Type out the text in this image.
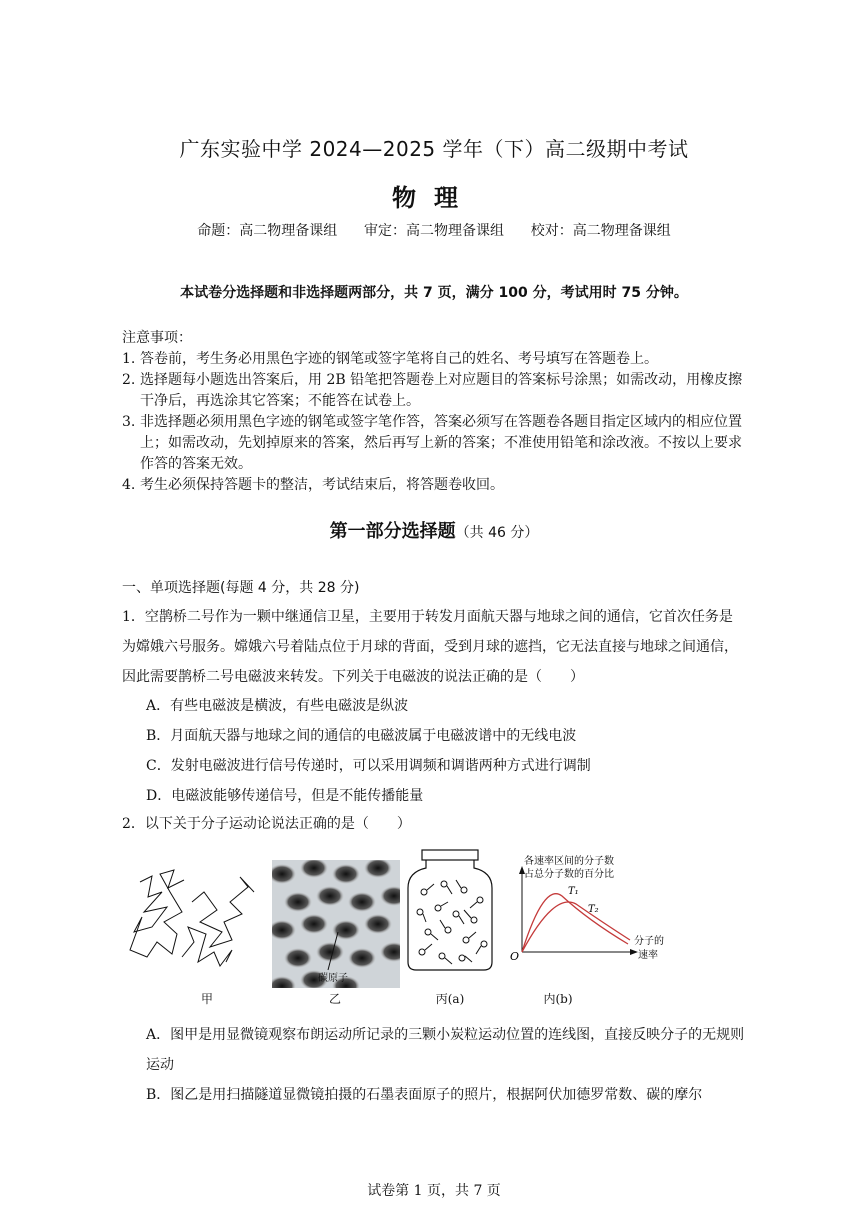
广东实验中学 2024—2025 学年（下）高二级期中考试
物理
命题：高二物理备课组      审定：高二物理备课组      校对：高二物理备课组
本试卷分选择题和非选择题两部分，共 7 页，满分 100 分，考试用时 75 分钟。
注意事项：
1. 答卷前，考生务必用黑色字迹的钢笔或签字笔将自己的姓名、考号填写在答题卷上。
2. 选择题每小题选出答案后，用 2B 铅笔把答题卷上对应题目的答案标号涂黑；如需改动，用橡皮擦干净后，再选涂其它答案；不能答在试卷上。
3. 非选择题必须用黑色字迹的钢笔或签字笔作答，答案必须写在答题卷各题目指定区域内的相应位置上；如需改动，先划掉原来的答案，然后再写上新的答案；不准使用铅笔和涂改液。不按以上要求作答的答案无效。
4. 考生必须保持答题卡的整洁，考试结束后，将答题卷收回。
第一部分选择题（共 46 分）
一、单项选择题(每题 4 分，共 28 分)
1．空鹊桥二号作为一颗中继通信卫星，主要用于转发月面航天器与地球之间的通信，它首次任务是为嫦娥六号服务。嫦娥六号着陆点位于月球的背面，受到月球的遮挡，它无法直接与地球之间通信，因此需要鹊桥二号电磁波来转发。下列关于电磁波的说法正确的是（　　）
A．有些电磁波是横波，有些电磁波是纵波
B．月面航天器与地球之间的通信的电磁波属于电磁波谱中的无线电波
C．发射电磁波进行信号传递时，可以采用调频和调谐两种方式进行调制
D．电磁波能够传递信号，但是不能传播能量
2．以下关于分子运动论说法正确的是（　　）
甲
碳原子
乙	丙(a)
各速率区间的分子数
占总分子数的百分比
T₁
T₂
O
分子的
速率
内(b)
A．图甲是用显微镜观察布朗运动所记录的三颗小炭粒运动位置的连线图，直接反映分子的无规则运动
B．图乙是用扫描隧道显微镜拍摄的石墨表面原子的照片，根据阿伏加德罗常数、碳的摩尔
试卷第 1 页，共 7 页
